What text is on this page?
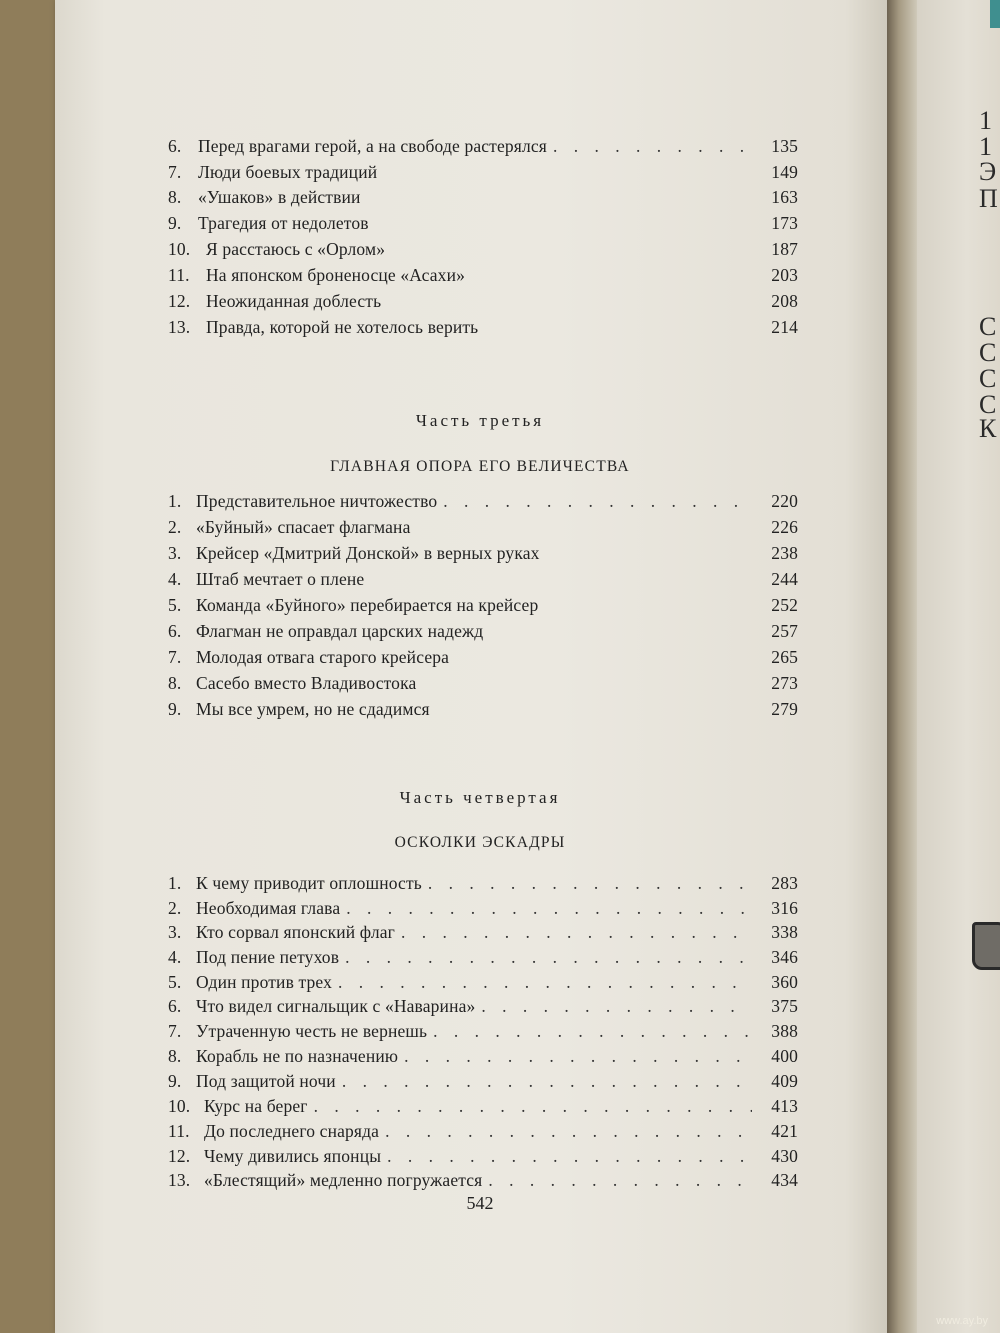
1
1
Э
П
С
С
С
С
К
6. Перед врагами герой, а на свободе растерялся . . .	135
7. Люди боевых традиций	149
8. «Ушаков» в действии	163
9. Трагедия от недолетов	173
10. Я расстаюсь с «Орлом»	187
11. На японском броненосце «Асахи»	203
12. Неожиданная доблесть	208
13. Правда, которой не хотелось верить	214
Часть третья
ГЛАВНАЯ ОПОРА ЕГО ВЕЛИЧЕСТВА
1. Представительное ничтожество . . .	220
2. «Буйный» спасает флагмана	226
3. Крейсер «Дмитрий Донской» в верных руках	238
4. Штаб мечтает о плене	244
5. Команда «Буйного» перебирается на крейсер	252
6. Флагман не оправдал царских надежд	257
7. Молодая отвага старого крейсера	265
8. Сасебо вместо Владивостока	273
9. Мы все умрем, но не сдадимся	279
Часть четвертая
ОСКОЛКИ ЭСКАДРЫ
1. К чему приводит оплошность . . .	283
2. Необходимая глава . . .	316
3. Кто сорвал японский флаг . . .	338
4. Под пение петухов . . .	346
5. Один против трех . . .	360
6. Что видел сигнальщик с «Наварина» . . .	375
7. Утраченную честь не вернешь . . .	388
8. Корабль не по назначению . . .	400
9. Под защитой ночи . . .	409
10. Курс на берег . . .	413
11. До последнего снаряда . . .	421
12. Чему дивились японцы . . .	430
13. «Блестящий» медленно погружается . . .	434
542
www.ay.by
